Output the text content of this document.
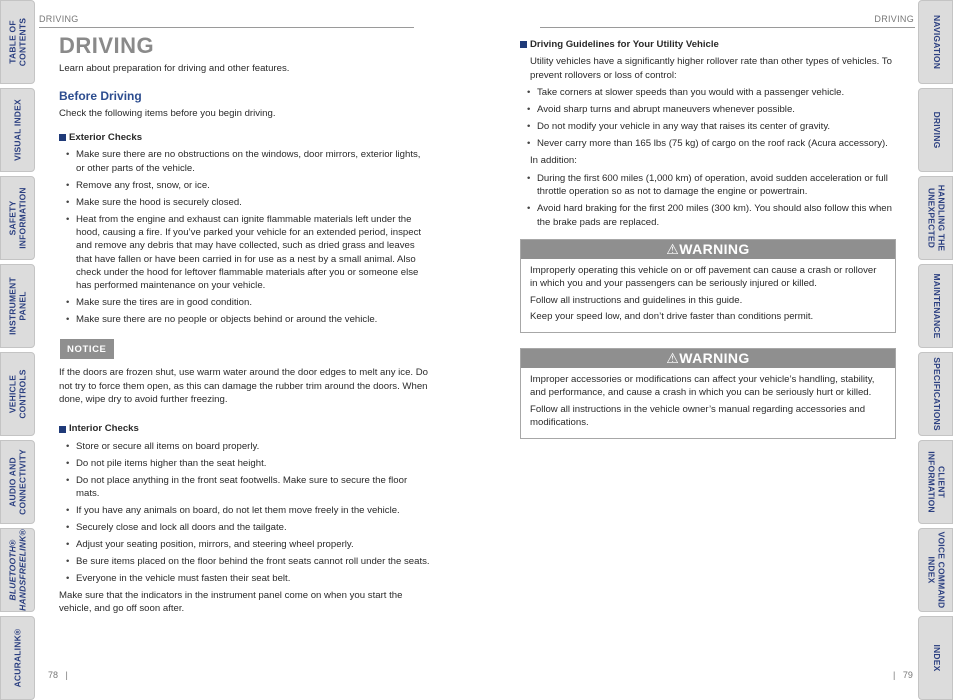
TABLE OF
CONTENTS
VISUAL INDEX
SAFETY
INFORMATION
INSTRUMENT
PANEL
VEHICLE
CONTROLS
AUDIO AND
CONNECTIVITY
BLUETOOTH®
HANDSFREELINK®
ACURALINK®
NAVIGATION
DRIVING
HANDLING THE
UNEXPECTED
MAINTENANCE
SPECIFICATIONS
CLIENT
INFORMATION
VOICE COMMAND
INDEX
INDEX
DRIVING	DRIVING
DRIVING

Learn about preparation for driving and other features.

Before Driving

Check the following items before you begin driving.

Exterior Checks
• Make sure there are no obstructions on the windows, door mirrors, exterior lights, or other parts of the vehicle.
• Remove any frost, snow, or ice.
• Make sure the hood is securely closed.
• Heat from the engine and exhaust can ignite flammable materials left under the hood, causing a fire. If you’ve parked your vehicle for an extended period, inspect and remove any debris that may have collected, such as dried grass and leaves that have fallen or have been carried in for use as a nest by a small animal. Also check under the hood for leftover flammable materials after you or someone else has performed maintenance on your vehicle.
• Make sure the tires are in good condition.
• Make sure there are no people or objects behind or around the vehicle.
NOTICE

If the doors are frozen shut, use warm water around the door edges to melt any ice. Do not try to force them open, as this can damage the rubber trim around the doors. When done, wipe dry to avoid further freezing.

Interior Checks
• Store or secure all items on board properly.
• Do not pile items higher than the seat height.
• Do not place anything in the front seat footwells. Make sure to secure the floor mats.
• If you have any animals on board, do not let them move freely in the vehicle.
• Securely close and lock all doors and the tailgate.
• Adjust your seating position, mirrors, and steering wheel properly.
• Be sure items placed on the floor behind the front seats cannot roll under the seats.
• Everyone in the vehicle must fasten their seat belt.

Make sure that the indicators in the instrument panel come on when you start the vehicle, and go off soon after.

Driving Guidelines for Your Utility Vehicle

Utility vehicles have a significantly higher rollover rate than other types of vehicles. To prevent rollovers or loss of control:

• Take corners at slower speeds than you would with a passenger vehicle.
• Avoid sharp turns and abrupt maneuvers whenever possible.
• Do not modify your vehicle in any way that raises its center of gravity.
• Never carry more than 165 lbs (75 kg) of cargo on the roof rack (Acura accessory).

In addition:

• During the first 600 miles (1,000 km) of operation, avoid sudden acceleration or full throttle operation so as not to damage the engine or powertrain.
• Avoid hard braking for the first 200 miles (300 km). You should also follow this when the brake pads are replaced.
⚠WARNING

Improperly operating this vehicle on or off pavement can cause a crash or rollover in which you and your passengers can be seriously injured or killed.

Follow all instructions and guidelines in this guide.

Keep your speed low, and don’t drive faster than conditions permit.

⚠WARNING

Improper accessories or modifications can affect your vehicle’s handling, stability, and performance, and cause a crash in which you can be seriously hurt or killed.

Follow all instructions in the vehicle owner’s manual regarding accessories and modifications.

78   |	|   79
